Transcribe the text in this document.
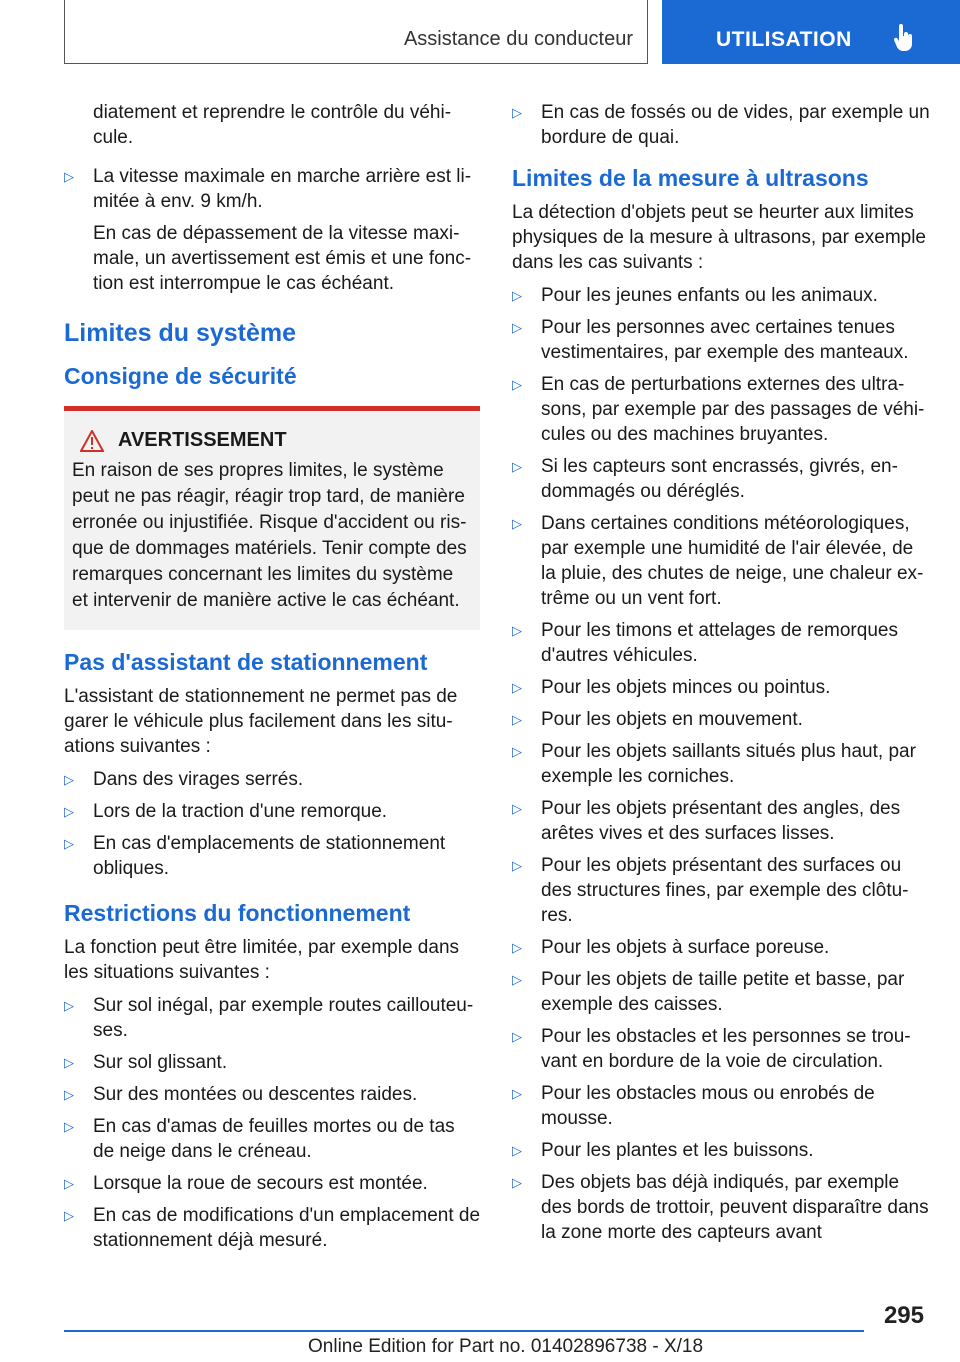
Assistance du conducteur	UTILISATION

diatement et reprendre le contrôle du véhi-cule.

▷ La vitesse maximale en marche arrière est li-mitée à env. 9 km/h.

En cas de dépassement de la vitesse maxi-male, un avertissement est émis et une fonc-tion est interrompue le cas échéant.

Limites du système
Consigne de sécurité
AVERTISSEMENT

En raison de ses propres limites, le système peut ne pas réagir, réagir trop tard, de manière erronée ou injustifiée. Risque d'accident ou ris-que de dommages matériels. Tenir compte des remarques concernant les limites du système et intervenir de manière active le cas échéant.

Pas d'assistant de stationnement

L'assistant de stationnement ne permet pas de garer le véhicule plus facilement dans les situ-ations suivantes :

▷ Dans des virages serrés.

▷ Lors de la traction d'une remorque.

▷ En cas d'emplacements de stationnement obliques.

Restrictions du fonctionnement

La fonction peut être limitée, par exemple dans les situations suivantes :

▷ Sur sol inégal, par exemple routes caillouteu-ses.

▷ Sur sol glissant.

▷ Sur des montées ou descentes raides.

▷ En cas d'amas de feuilles mortes ou de tas de neige dans le créneau.

▷ Lorsque la roue de secours est montée.

▷ En cas de modifications d'un emplacement de stationnement déjà mesuré.

▷ En cas de fossés ou de vides, par exemple un bordure de quai.

Limites de la mesure à ultrasons

La détection d'objets peut se heurter aux limites physiques de la mesure à ultrasons, par exemple dans les cas suivants :

▷ Pour les jeunes enfants ou les animaux.

▷ Pour les personnes avec certaines tenues vestimentaires, par exemple des manteaux.

▷ En cas de perturbations externes des ultra-sons, par exemple par des passages de véhi-cules ou des machines bruyantes.

▷ Si les capteurs sont encrassés, givrés, en-dommagés ou déréglés.

▷ Dans certaines conditions météorologiques, par exemple une humidité de l'air élevée, de la pluie, des chutes de neige, une chaleur ex-trême ou un vent fort.

▷ Pour les timons et attelages de remorques d'autres véhicules.

▷ Pour les objets minces ou pointus.

▷ Pour les objets en mouvement.

▷ Pour les objets saillants situés plus haut, par exemple les corniches.

▷ Pour les objets présentant des angles, des arêtes vives et des surfaces lisses.

▷ Pour les objets présentant des surfaces ou des structures fines, par exemple des clôtu-res.

▷ Pour les objets à surface poreuse.

▷ Pour les objets de taille petite et basse, par exemple des caisses.

▷ Pour les obstacles et les personnes se trou-vant en bordure de la voie de circulation.

▷ Pour les obstacles mous ou enrobés de mousse.

▷ Pour les plantes et les buissons.

▷ Des objets bas déjà indiqués, par exemple des bords de trottoir, peuvent disparaître dans la zone morte des capteurs avant

295
Online Edition for Part no. 01402896738 - X/18
